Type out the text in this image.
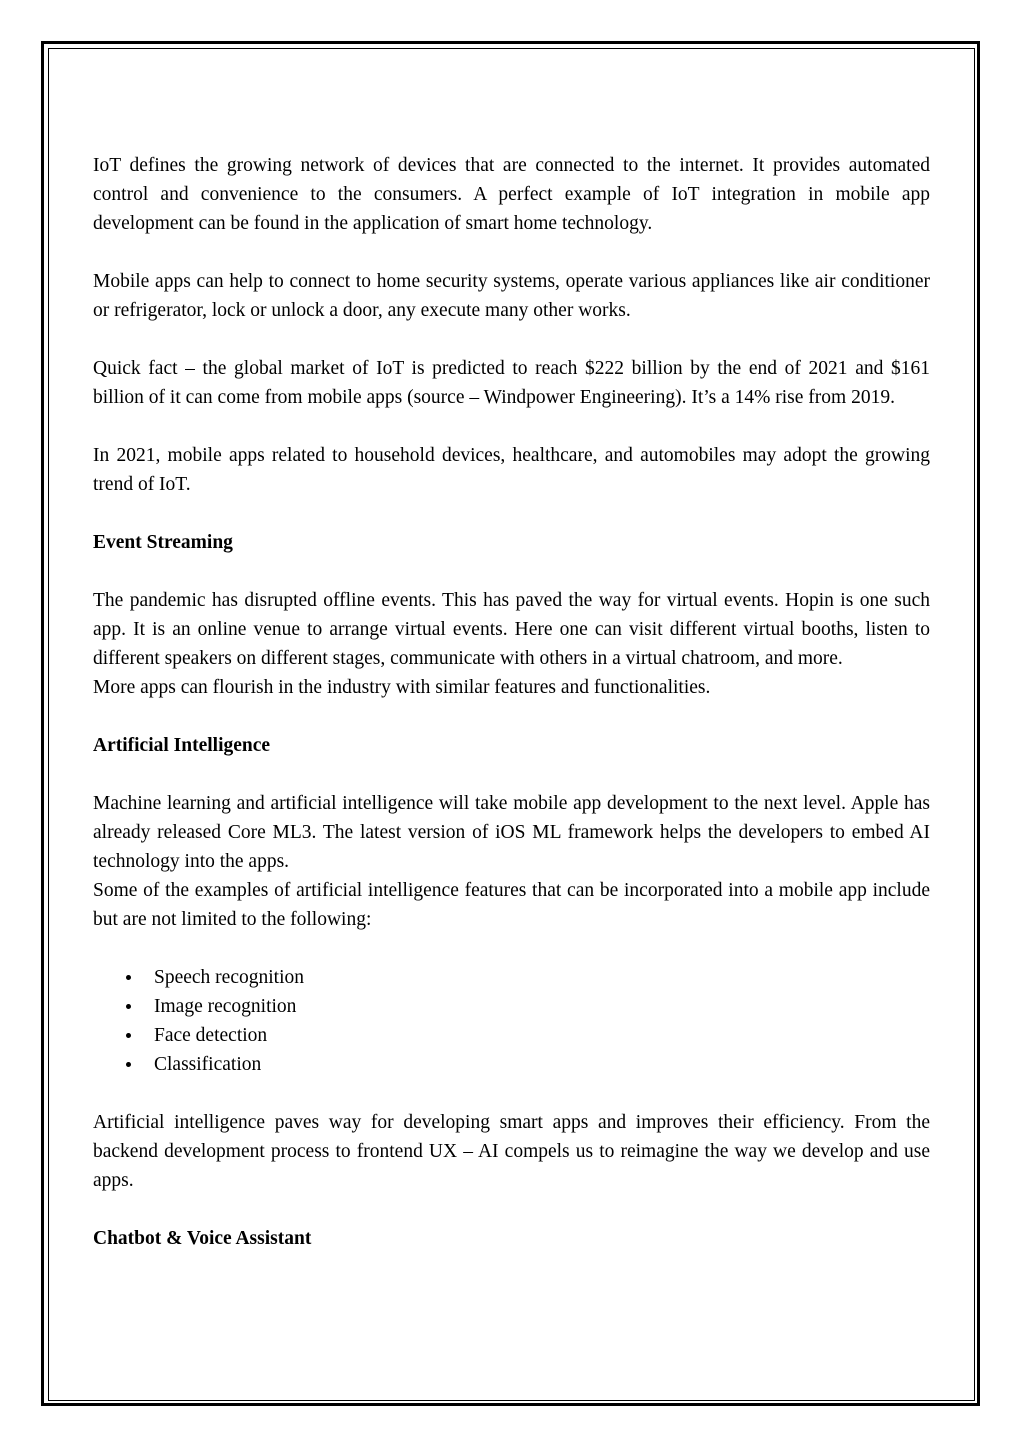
IoT defines the growing network of devices that are connected to the internet. It provides automated control and convenience to the consumers. A perfect example of IoT integration in mobile app development can be found in the application of smart home technology.

Mobile apps can help to connect to home security systems, operate various appliances like air conditioner or refrigerator, lock or unlock a door, any execute many other works.

Quick fact – the global market of IoT is predicted to reach $222 billion by the end of 2021 and $161 billion of it can come from mobile apps (source – Windpower Engineering). It’s a 14% rise from 2019.

In 2021, mobile apps related to household devices, healthcare, and automobiles may adopt the growing trend of IoT.

Event Streaming

The pandemic has disrupted offline events. This has paved the way for virtual events. Hopin is one such app. It is an online venue to arrange virtual events. Here one can visit different virtual booths, listen to different speakers on different stages, communicate with others in a virtual chatroom, and more.

More apps can flourish in the industry with similar features and functionalities.

Artificial Intelligence

Machine learning and artificial intelligence will take mobile app development to the next level. Apple has already released Core ML3. The latest version of iOS ML framework helps the developers to embed AI technology into the apps.

Some of the examples of artificial intelligence features that can be incorporated into a mobile app include but are not limited to the following:

Speech recognition
Image recognition
Face detection
Classification

Artificial intelligence paves way for developing smart apps and improves their efficiency. From the backend development process to frontend UX – AI compels us to reimagine the way we develop and use apps.

Chatbot & Voice Assistant
